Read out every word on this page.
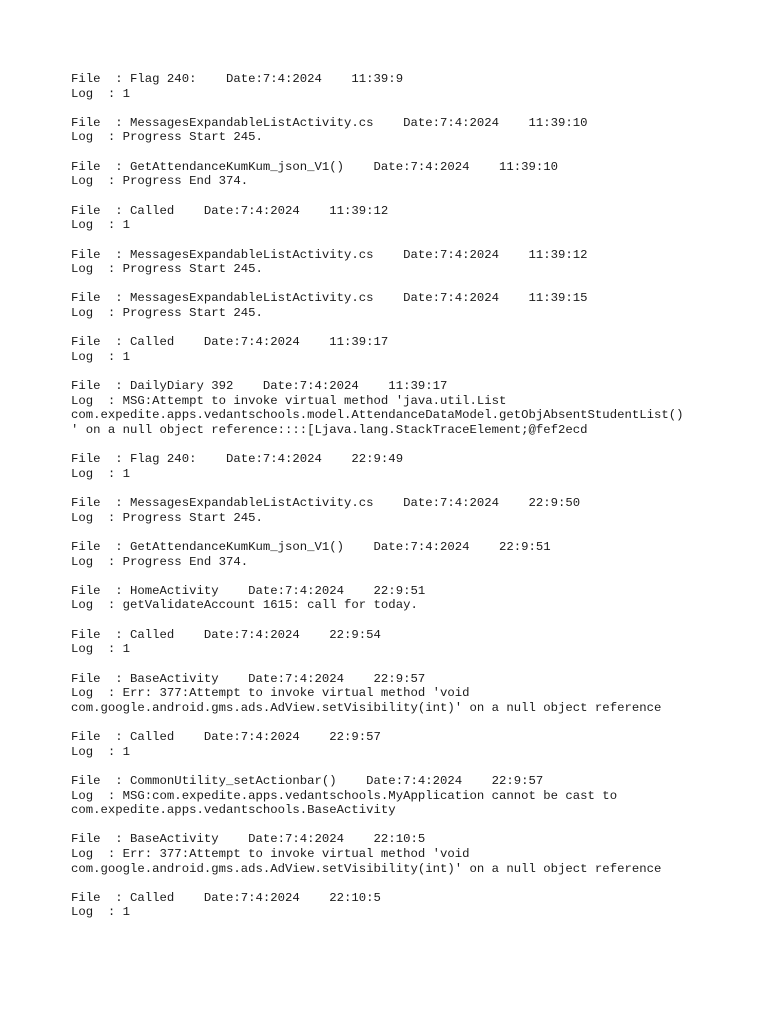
File  : Flag 240:    Date:7:4:2024    11:39:9
Log  : 1
File  : MessagesExpandableListActivity.cs    Date:7:4:2024    11:39:10
Log  : Progress Start 245.
File  : GetAttendanceKumKum_json_V1()    Date:7:4:2024    11:39:10
Log  : Progress End 374.
File  : Called    Date:7:4:2024    11:39:12
Log  : 1
File  : MessagesExpandableListActivity.cs    Date:7:4:2024    11:39:12
Log  : Progress Start 245.
File  : MessagesExpandableListActivity.cs    Date:7:4:2024    11:39:15
Log  : Progress Start 245.
File  : Called    Date:7:4:2024    11:39:17
Log  : 1
File  : DailyDiary 392    Date:7:4:2024    11:39:17
Log  : MSG:Attempt to invoke virtual method 'java.util.List
com.expedite.apps.vedantschools.model.AttendanceDataModel.getObjAbsentStudentList()
' on a null object reference::::[Ljava.lang.StackTraceElement;@fef2ecd
File  : Flag 240:    Date:7:4:2024    22:9:49
Log  : 1
File  : MessagesExpandableListActivity.cs    Date:7:4:2024    22:9:50
Log  : Progress Start 245.
File  : GetAttendanceKumKum_json_V1()    Date:7:4:2024    22:9:51
Log  : Progress End 374.
File  : HomeActivity    Date:7:4:2024    22:9:51
Log  : getValidateAccount 1615: call for today.
File  : Called    Date:7:4:2024    22:9:54
Log  : 1
File  : BaseActivity    Date:7:4:2024    22:9:57
Log  : Err: 377:Attempt to invoke virtual method 'void
com.google.android.gms.ads.AdView.setVisibility(int)' on a null object reference
File  : Called    Date:7:4:2024    22:9:57
Log  : 1
File  : CommonUtility_setActionbar()    Date:7:4:2024    22:9:57
Log  : MSG:com.expedite.apps.vedantschools.MyApplication cannot be cast to
com.expedite.apps.vedantschools.BaseActivity
File  : BaseActivity    Date:7:4:2024    22:10:5
Log  : Err: 377:Attempt to invoke virtual method 'void
com.google.android.gms.ads.AdView.setVisibility(int)' on a null object reference
File  : Called    Date:7:4:2024    22:10:5
Log  : 1
